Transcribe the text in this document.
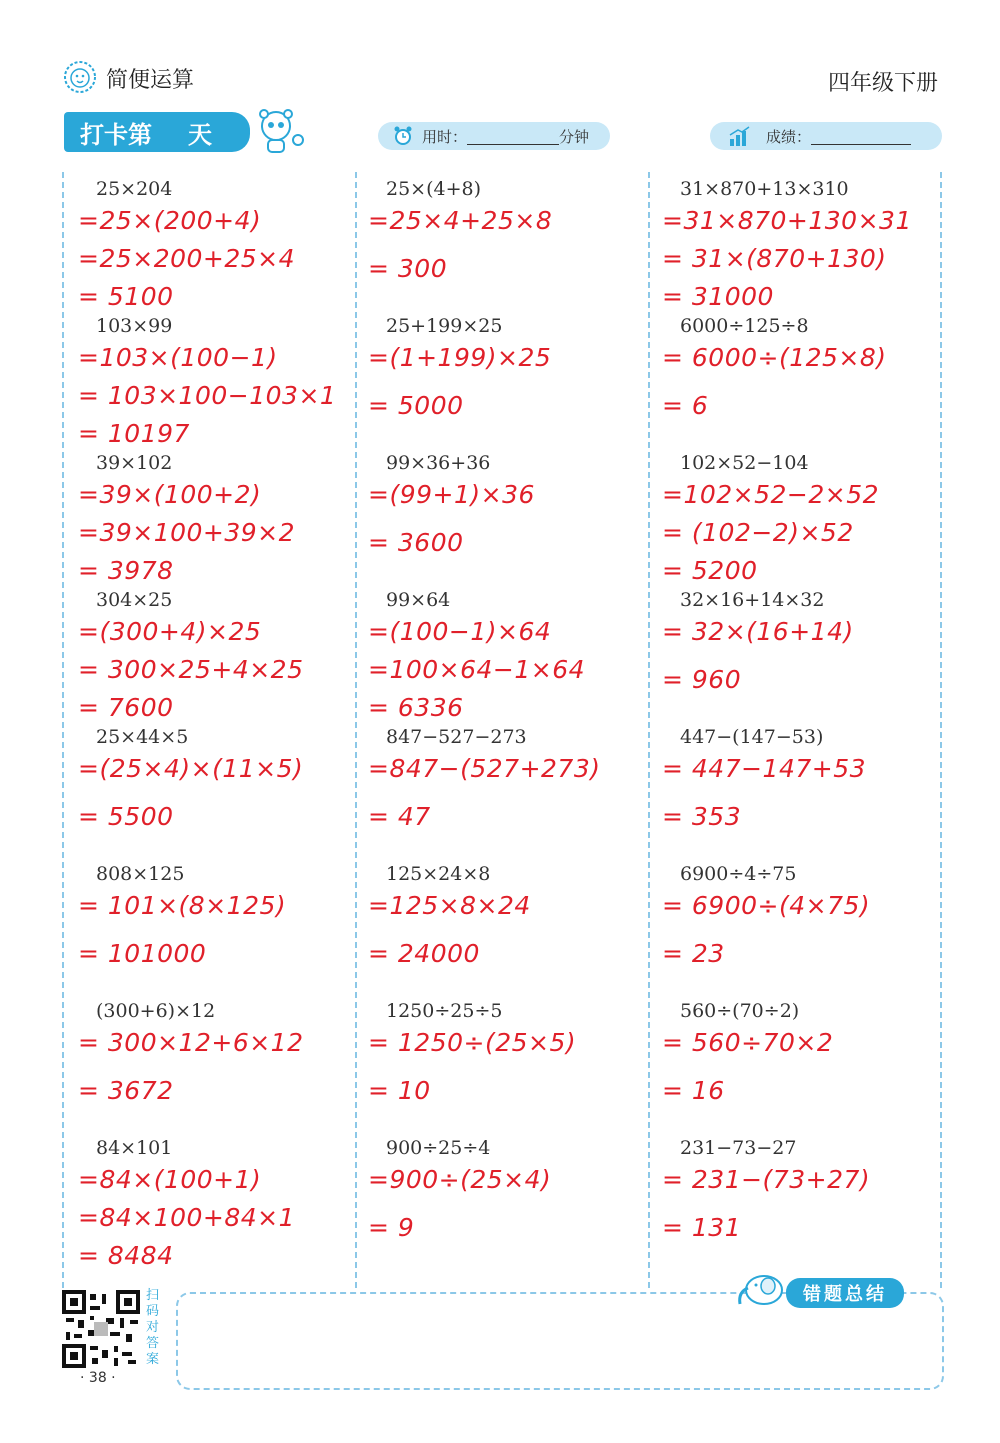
简便运算	四年级下册
打卡第 天	用时：	分钟	成绩：
25×204
=25×(200+4)
=25×200+25×4
= 5100
103×99
=103×(100−1)
= 103×100−103×1
= 10197
39×102
=39×(100+2)
=39×100+39×2
= 3978
304×25
=(300+4)×25
= 300×25+4×25
= 7600
25×44×5
=(25×4)×(11×5)
= 5500
808×125
= 101×(8×125)
= 101000
(300+6)×12
= 300×12+6×12
= 3672
84×101
=84×(100+1)
=84×100+84×1
= 8484
25×(4+8)
=25×4+25×8
= 300
25+199×25
=(1+199)×25
= 5000
99×36+36
=(99+1)×36
= 3600
99×64
=(100−1)×64
=100×64−1×64
= 6336
847−527−273
=847−(527+273)
= 47
125×24×8
=125×8×24
= 24000
1250÷25÷5
= 1250÷(25×5)
= 10
900÷25÷4
=900÷(25×4)
= 9
31×870+13×310
=31×870+130×31
= 31×(870+130)
= 31000
6000÷125÷8
= 6000÷(125×8)
= 6
102×52−104
=102×52−2×52
= (102−2)×52
= 5200
32×16+14×32
= 32×(16+14)
= 960
447−(147−53)
= 447−147+53
= 353
6900÷4÷75
= 6900÷(4×75)
= 23
560÷(70÷2)
= 560÷70×2
= 16
231−73−27
= 231−(73+27)
= 131
扫码对答案
· 38 ·
错题总结
